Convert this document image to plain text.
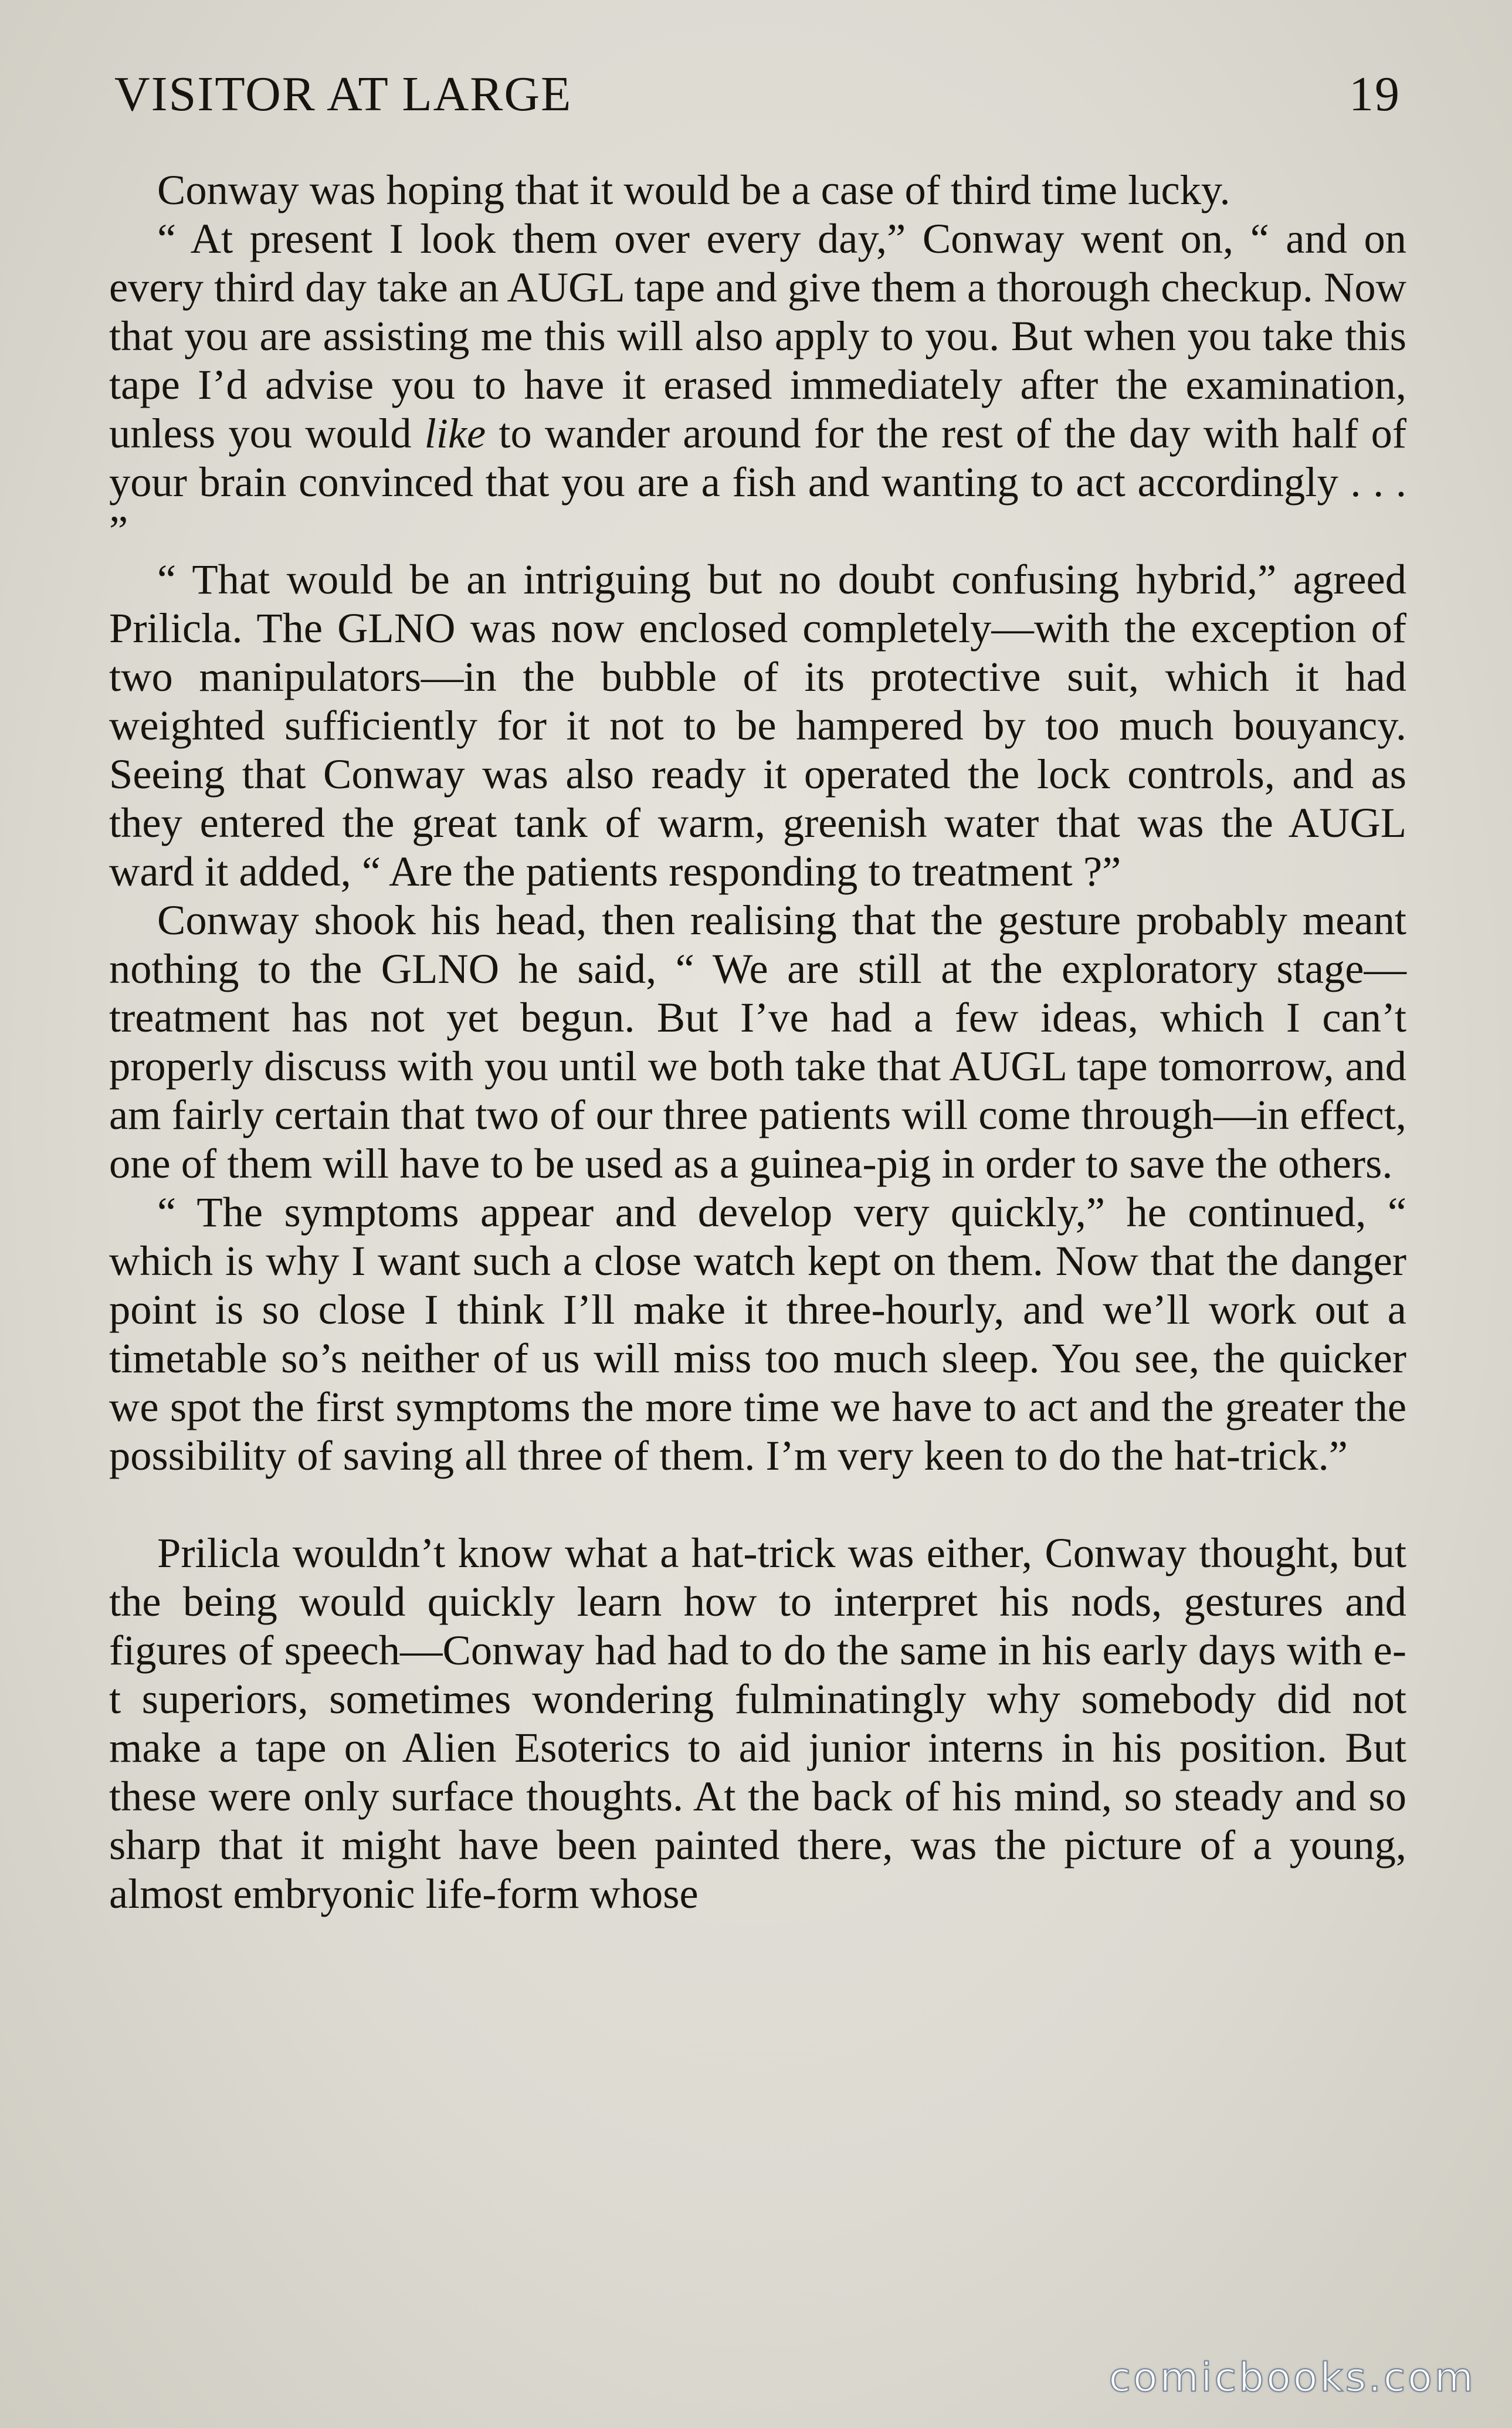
VISITOR AT LARGE	19

Conway was hoping that it would be a case of third time lucky.

“ At present I look them over every day,” Conway went on, “ and on every third day take an AUGL tape and give them a thorough checkup. Now that you are assisting me this will also apply to you. But when you take this tape I’d advise you to have it erased immediately after the examination, unless you would like to wander around for the rest of the day with half of your brain convinced that you are a fish and wanting to act accordingly . . . ”

“ That would be an intriguing but no doubt confusing hybrid,” agreed Prilicla. The GLNO was now enclosed completely—with the exception of two manipulators—in the bubble of its protective suit, which it had weighted sufficiently for it not to be hampered by too much bouyancy. Seeing that Conway was also ready it operated the lock controls, and as they entered the great tank of warm, greenish water that was the AUGL ward it added, “ Are the patients responding to treatment ?”

Conway shook his head, then realising that the gesture probably meant nothing to the GLNO he said, “ We are still at the exploratory stage—treatment has not yet begun. But I’ve had a few ideas, which I can’t properly discuss with you until we both take that AUGL tape tomorrow, and am fairly certain that two of our three patients will come through—in effect, one of them will have to be used as a guinea-pig in order to save the others.

“ The symptoms appear and develop very quickly,” he continued, “ which is why I want such a close watch kept on them. Now that the danger point is so close I think I’ll make it three-hourly, and we’ll work out a timetable so’s neither of us will miss too much sleep. You see, the quicker we spot the first symptoms the more time we have to act and the greater the possibility of saving all three of them. I’m very keen to do the hat-trick.”

Prilicla wouldn’t know what a hat-trick was either, Conway thought, but the being would quickly learn how to interpret his nods, gestures and figures of speech—Conway had had to do the same in his early days with e-t superiors, sometimes wondering fulminatingly why somebody did not make a tape on Alien Esoterics to aid junior interns in his position. But these were only surface thoughts. At the back of his mind, so steady and so sharp that it might have been painted there, was the picture of a young, almost embryonic life-form whose

comicbooks.com
